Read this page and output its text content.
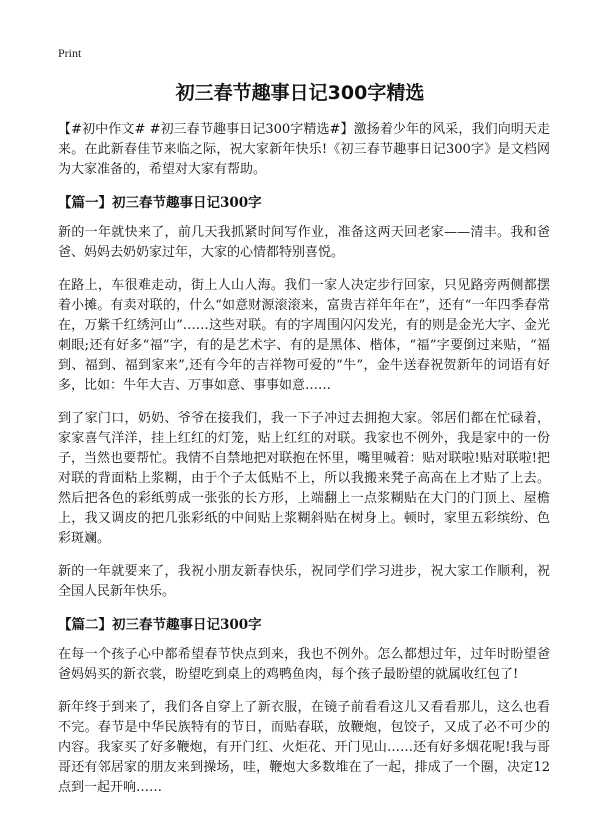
Print
初三春节趣事日记300字精选

【#初中作文# #初三春节趣事日记300字精选#】激扬着少年的风采，我们向明天走来。在此新春佳节来临之际，祝大家新年快乐!《初三春节趣事日记300字》是文档网为大家准备的，希望对大家有帮助。

【篇一】初三春节趣事日记300字

新的一年就快来了，前几天我抓紧时间写作业，准备这两天回老家——清丰。我和爸爸、妈妈去奶奶家过年，大家的心情都特别喜悦。

在路上，车很难走动，街上人山人海。我们一家人决定步行回家，只见路旁两侧都摆着小摊。有卖对联的，什么“如意财源滚滚来，富贵吉祥年年在”，还有“一年四季春常在，万紫千红绣河山”……这些对联。有的字周围闪闪发光，有的则是金光大字、金光刺眼;还有好多“福”字，有的是艺术字、有的是黑体、楷体，“福”字要倒过来贴，“福到、福到、福到家来”,还有今年的吉祥物可爱的“牛”，金牛送春祝贺新年的词语有好多，比如：牛年大吉、万事如意、事事如意……

到了家门口，奶奶、爷爷在接我们，我一下子冲过去拥抱大家。邻居们都在忙碌着，家家喜气洋洋，挂上红红的灯笼，贴上红红的对联。我家也不例外，我是家中的一份子，当然也要帮忙。我情不自禁地把对联抱在怀里，嘴里喊着：贴对联啦!贴对联啦!把对联的背面粘上浆糊，由于个子太低贴不上，所以我搬来凳子高高在上才贴了上去。然后把各色的彩纸剪成一张张的长方形，上端翻上一点浆糊贴在大门的门顶上、屋檐上，我又调皮的把几张彩纸的中间贴上浆糊斜贴在树身上。顿时，家里五彩缤纷、色彩斑斓。

新的一年就要来了，我祝小朋友新春快乐，祝同学们学习进步，祝大家工作顺利，祝全国人民新年快乐。

【篇二】初三春节趣事日记300字

在每一个孩子心中都希望春节快点到来，我也不例外。怎么都想过年，过年时盼望爸爸妈妈买的新衣裳，盼望吃到桌上的鸡鸭鱼肉，每个孩子最盼望的就属收红包了!

新年终于到来了，我们各自穿上了新衣服，在镜子前看看这儿又看看那儿，这么也看不完。春节是中华民族特有的节日，而贴春联，放鞭炮，包饺子，又成了必不可少的内容。我家买了好多鞭炮，有开门红、火炬花、开门见山……还有好多烟花呢!我与哥哥还有邻居家的朋友来到操场，哇，鞭炮大多数堆在了一起，排成了一个圈，决定12点到一起开响……
